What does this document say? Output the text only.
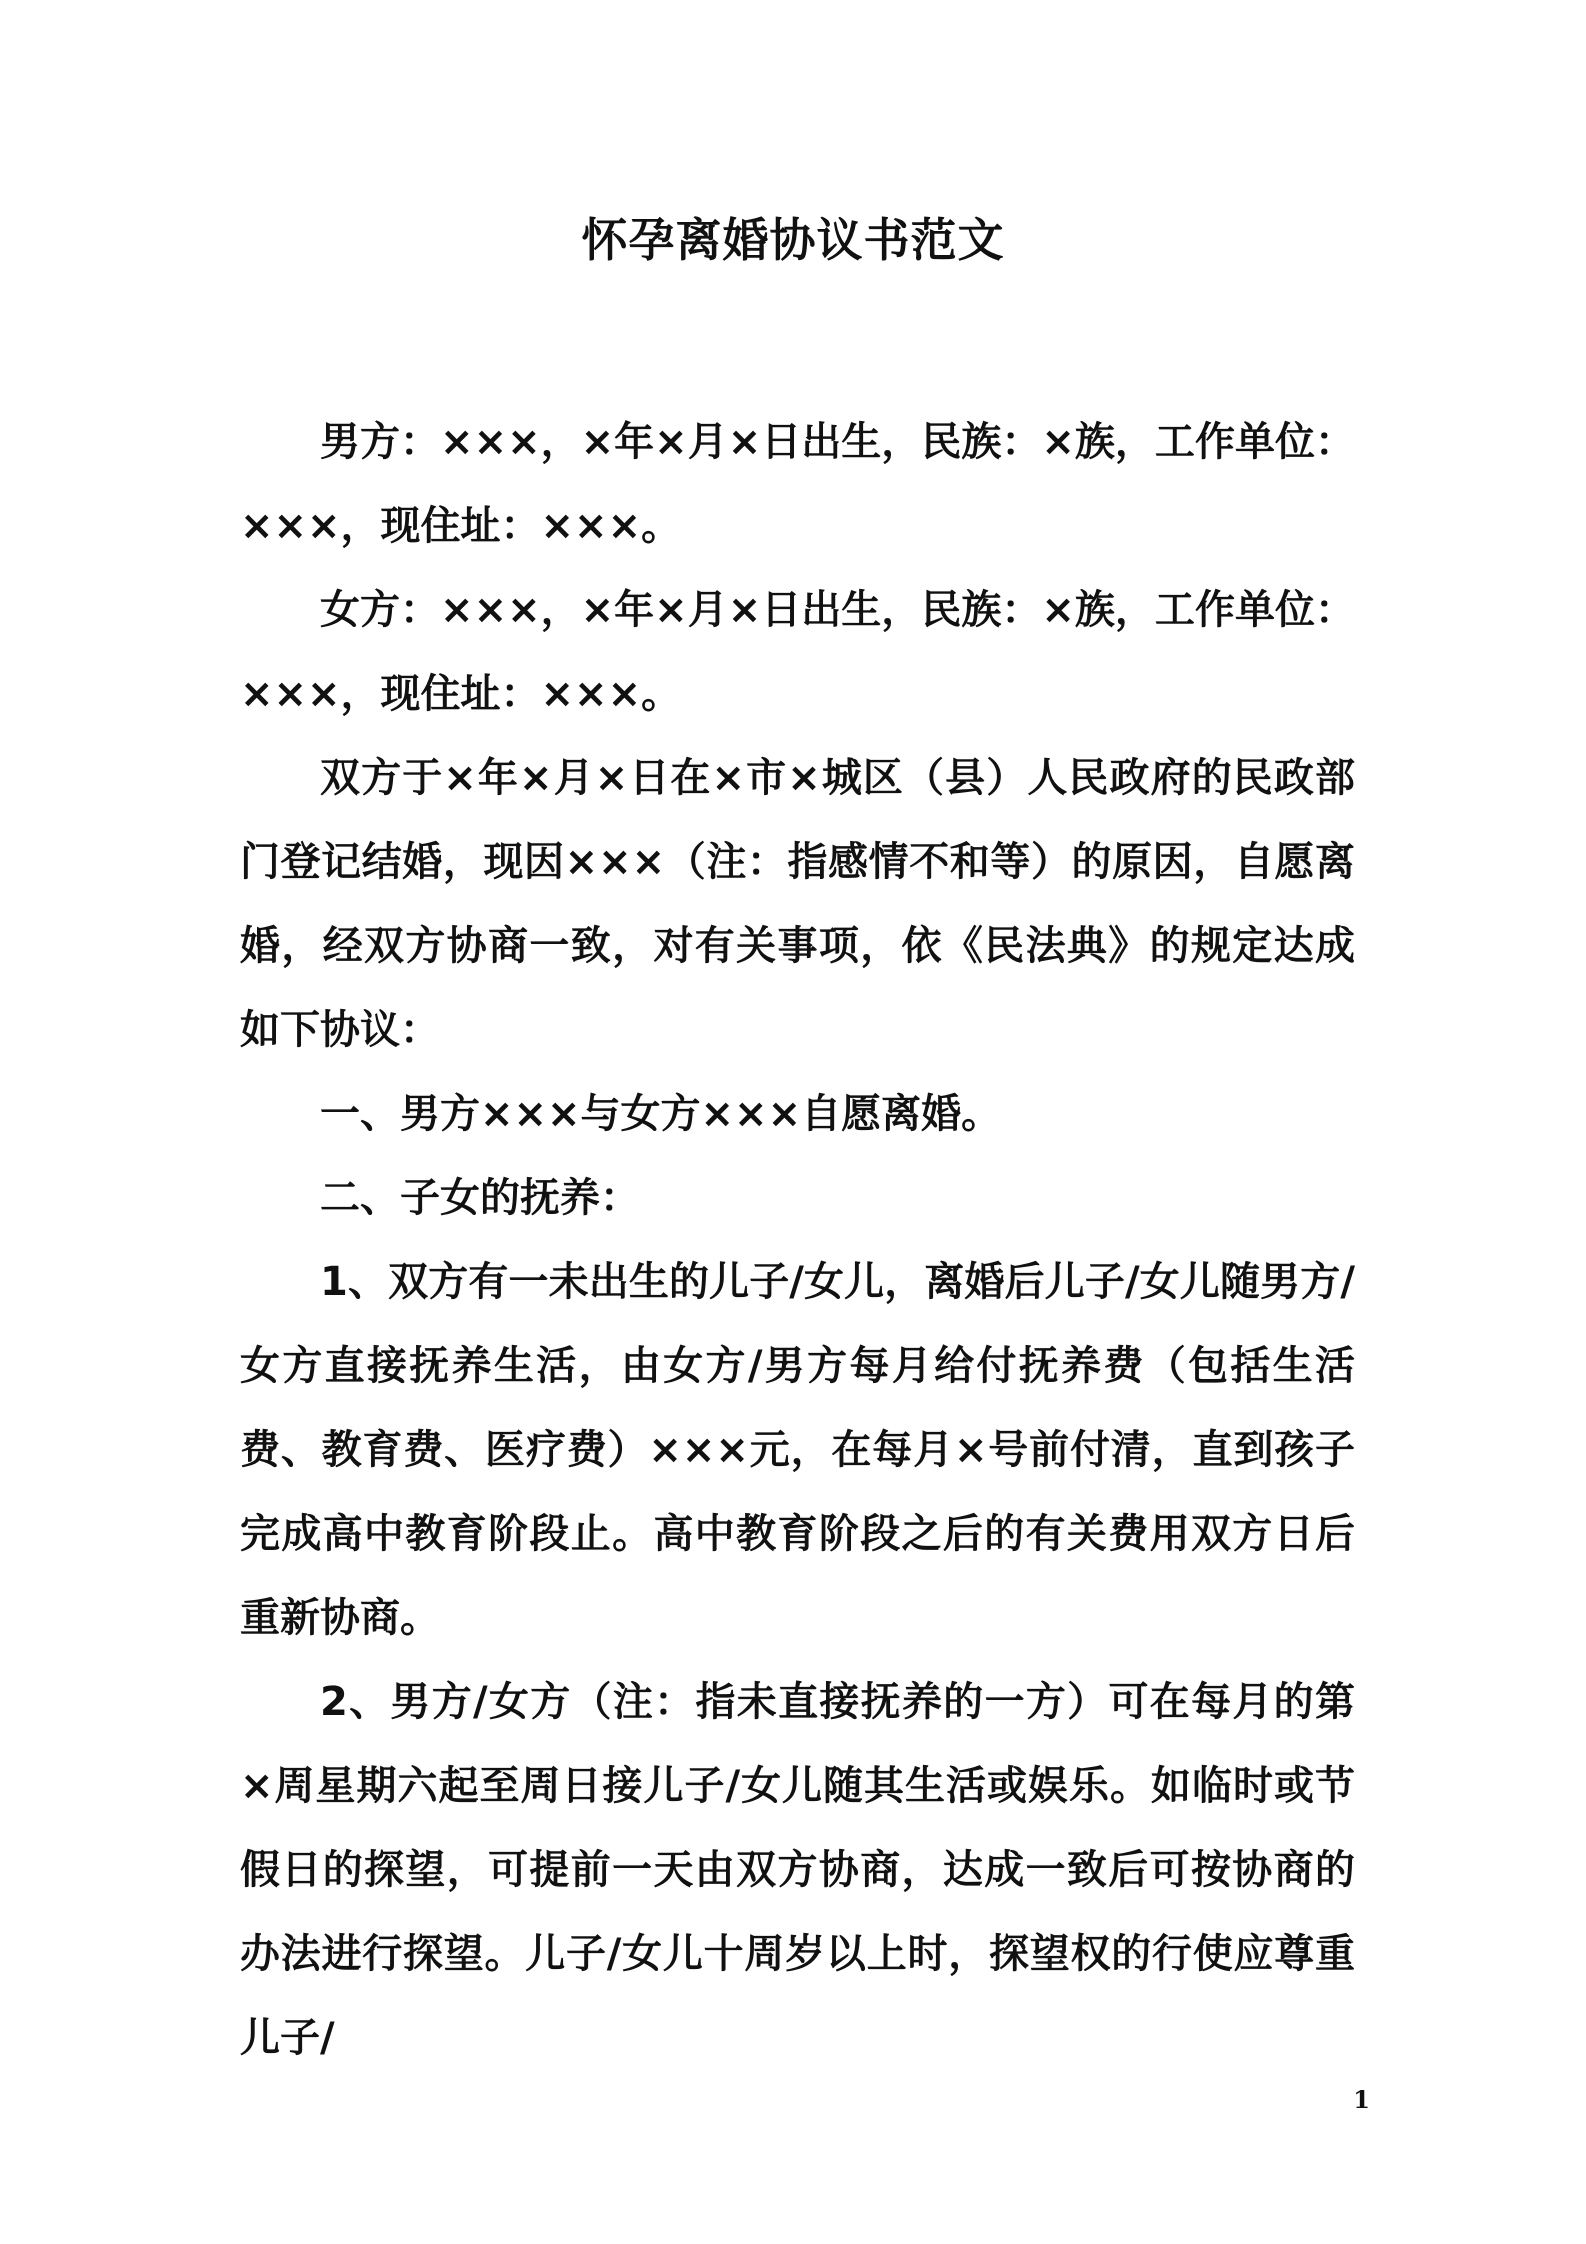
怀孕离婚协议书范文

男方：×××，×年×月×日出生，民族：×族，工作单位：×××，现住址：×××。

女方：×××，×年×月×日出生，民族：×族，工作单位：×××，现住址：×××。

双方于×年×月×日在×市×城区（县）人民政府的民政部门登记结婚，现因×××（注：指感情不和等）的原因，自愿离婚，经双方协商一致，对有关事项，依《民法典》的规定达成如下协议：

一、男方×××与女方×××自愿离婚。

二、子女的抚养：

1、双方有一未出生的儿子/女儿，离婚后儿子/女儿随男方/女方直接抚养生活，由女方/男方每月给付抚养费（包括生活费、教育费、医疗费）×××元，在每月×号前付清，直到孩子完成高中教育阶段止。高中教育阶段之后的有关费用双方日后重新协商。

2、男方/女方（注：指未直接抚养的一方）可在每月的第×周星期六起至周日接儿子/女儿随其生活或娱乐。如临时或节假日的探望，可提前一天由双方协商，达成一致后可按协商的办法进行探望。儿子/女儿十周岁以上时，探望权的行使应尊重儿子/

1
